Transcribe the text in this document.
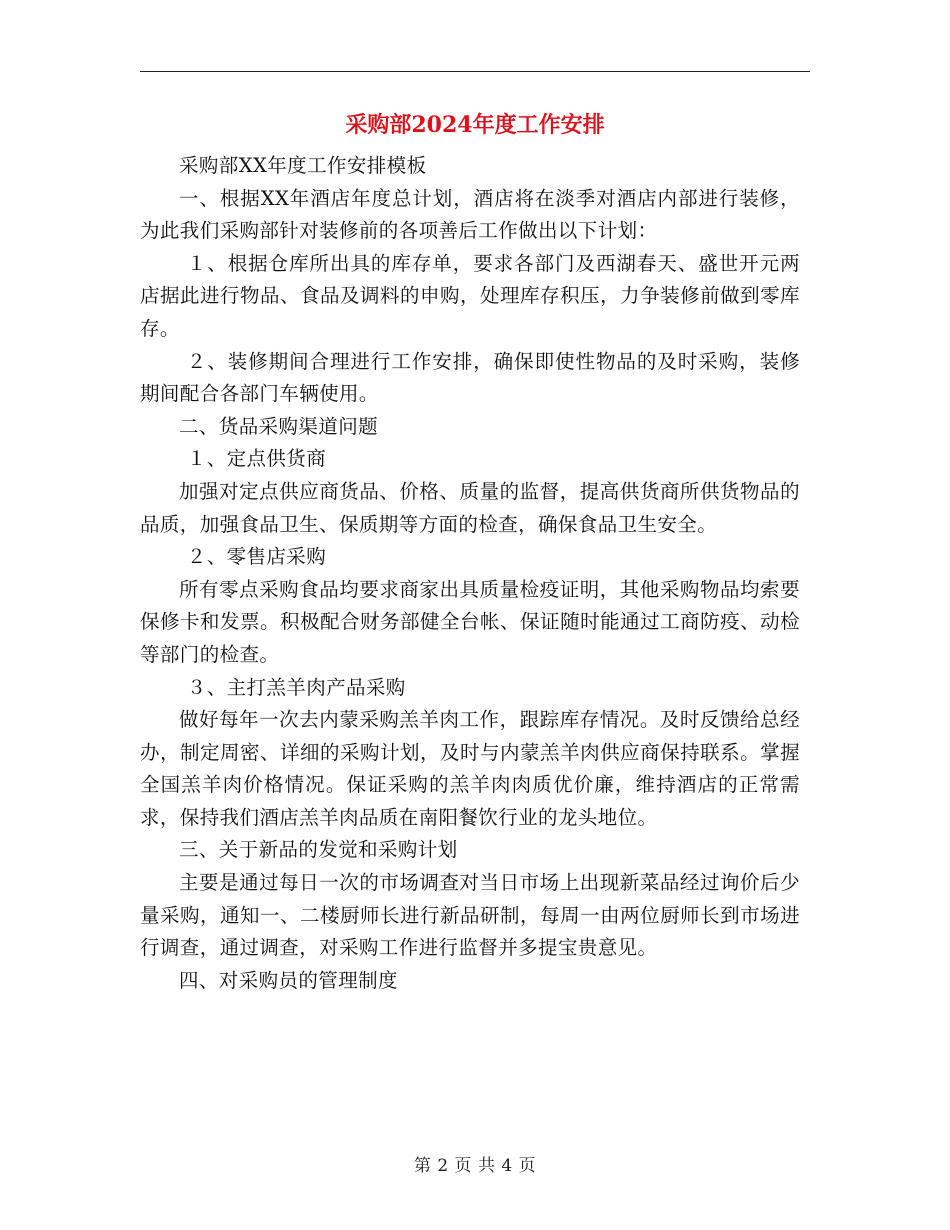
采购部2024年度工作安排

采购部XX年度工作安排模板

一、根据XX年酒店年度总计划，酒店将在淡季对酒店内部进行装修，为此我们采购部针对装修前的各项善后工作做出以下计划：

１、根据仓库所出具的库存单，要求各部门及西湖春天、盛世开元两店据此进行物品、食品及调料的申购，处理库存积压，力争装修前做到零库存。

２、装修期间合理进行工作安排，确保即使性物品的及时采购，装修期间配合各部门车辆使用。

二、货品采购渠道问题

１、定点供货商

加强对定点供应商货品、价格、质量的监督，提高供货商所供货物品的品质，加强食品卫生、保质期等方面的检查，确保食品卫生安全。

２、零售店采购

所有零点采购食品均要求商家出具质量检疫证明，其他采购物品均索要保修卡和发票。积极配合财务部健全台帐、保证随时能通过工商防疫、动检等部门的检查。

３、主打羔羊肉产品采购

做好每年一次去内蒙采购羔羊肉工作，跟踪库存情况。及时反馈给总经办，制定周密、详细的采购计划，及时与内蒙羔羊肉供应商保持联系。掌握全国羔羊肉价格情况。保证采购的羔羊肉肉质优价廉，维持酒店的正常需求，保持我们酒店羔羊肉品质在南阳餐饮行业的龙头地位。

三、关于新品的发觉和采购计划

主要是通过每日一次的市场调查对当日市场上出现新菜品经过询价后少量采购，通知一、二楼厨师长进行新品研制，每周一由两位厨师长到市场进行调查，通过调查，对采购工作进行监督并多提宝贵意见。

四、对采购员的管理制度

第 2 页 共 4 页
